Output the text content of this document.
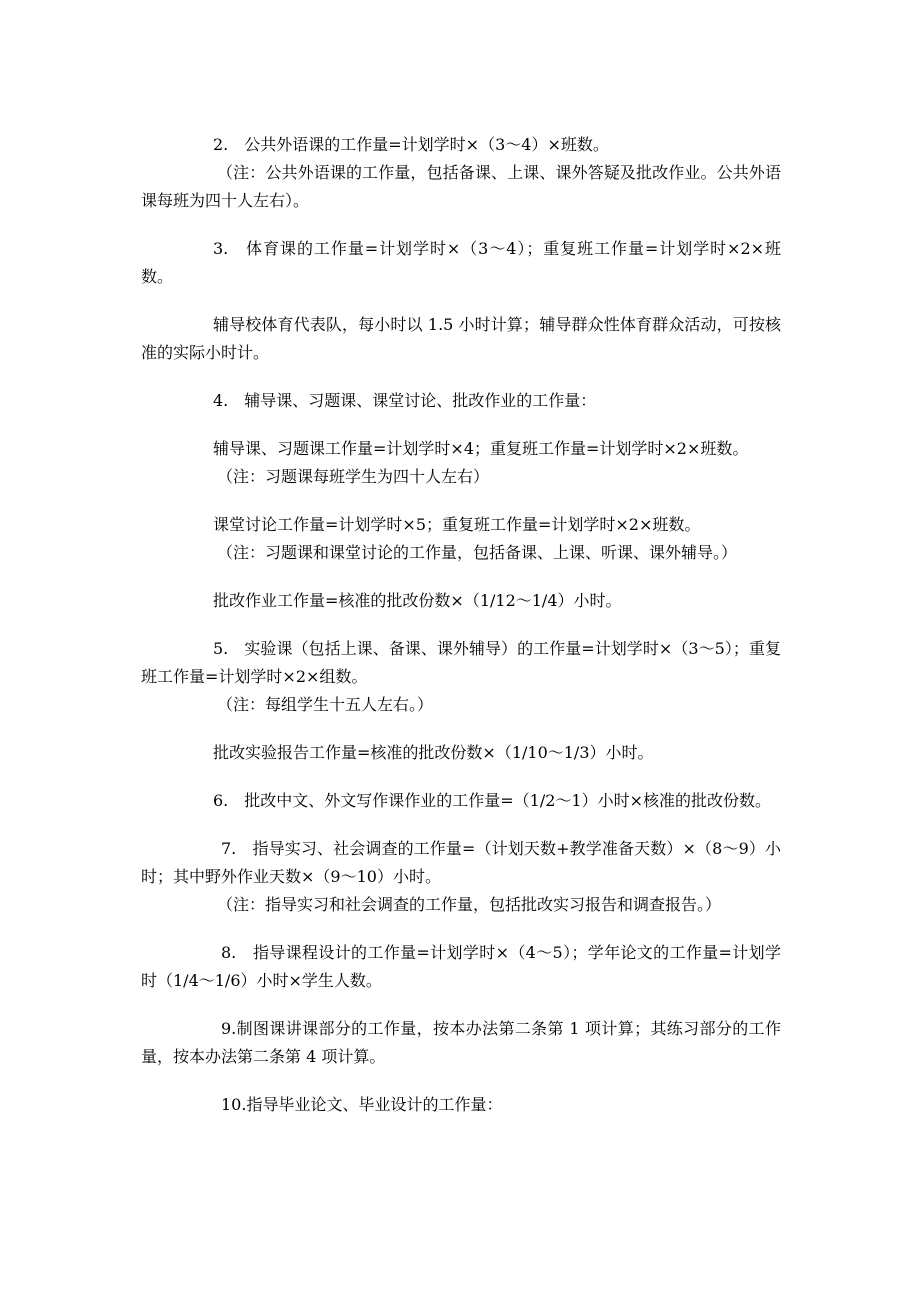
2.　公共外语课的工作量=计划学时×（3～4）×班数。

（注：公共外语课的工作量，包括备课、上课、课外答疑及批改作业。公共外语课每班为四十人左右）。

3.　体育课的工作量=计划学时×（3～4）；重复班工作量=计划学时×2×班数。

辅导校体育代表队，每小时以 1.5 小时计算；辅导群众性体育群众活动，可按核准的实际小时计。

4.　辅导课、习题课、课堂讨论、批改作业的工作量：

辅导课、习题课工作量=计划学时×4；重复班工作量=计划学时×2×班数。

（注：习题课每班学生为四十人左右）

课堂讨论工作量=计划学时×5；重复班工作量=计划学时×2×班数。

（注：习题课和课堂讨论的工作量，包括备课、上课、听课、课外辅导。）

批改作业工作量=核准的批改份数×（1/12～1/4）小时。

5.　实验课（包括上课、备课、课外辅导）的工作量=计划学时×（3～5）；重复班工作量=计划学时×2×组数。

（注：每组学生十五人左右。）

批改实验报告工作量=核准的批改份数×（1/10～1/3）小时。

6.　批改中文、外文写作课作业的工作量=（1/2～1）小时×核准的批改份数。

7.　指导实习、社会调查的工作量=（计划天数+教学准备天数）×（8～9）小时；其中野外作业天数×（9～10）小时。

（注：指导实习和社会调查的工作量，包括批改实习报告和调查报告。）

8.　指导课程设计的工作量=计划学时×（4～5）；学年论文的工作量=计划学时（1/4～1/6）小时×学生人数。

9.制图课讲课部分的工作量，按本办法第二条第 1 项计算；其练习部分的工作量，按本办法第二条第 4 项计算。

10.指导毕业论文、毕业设计的工作量：
